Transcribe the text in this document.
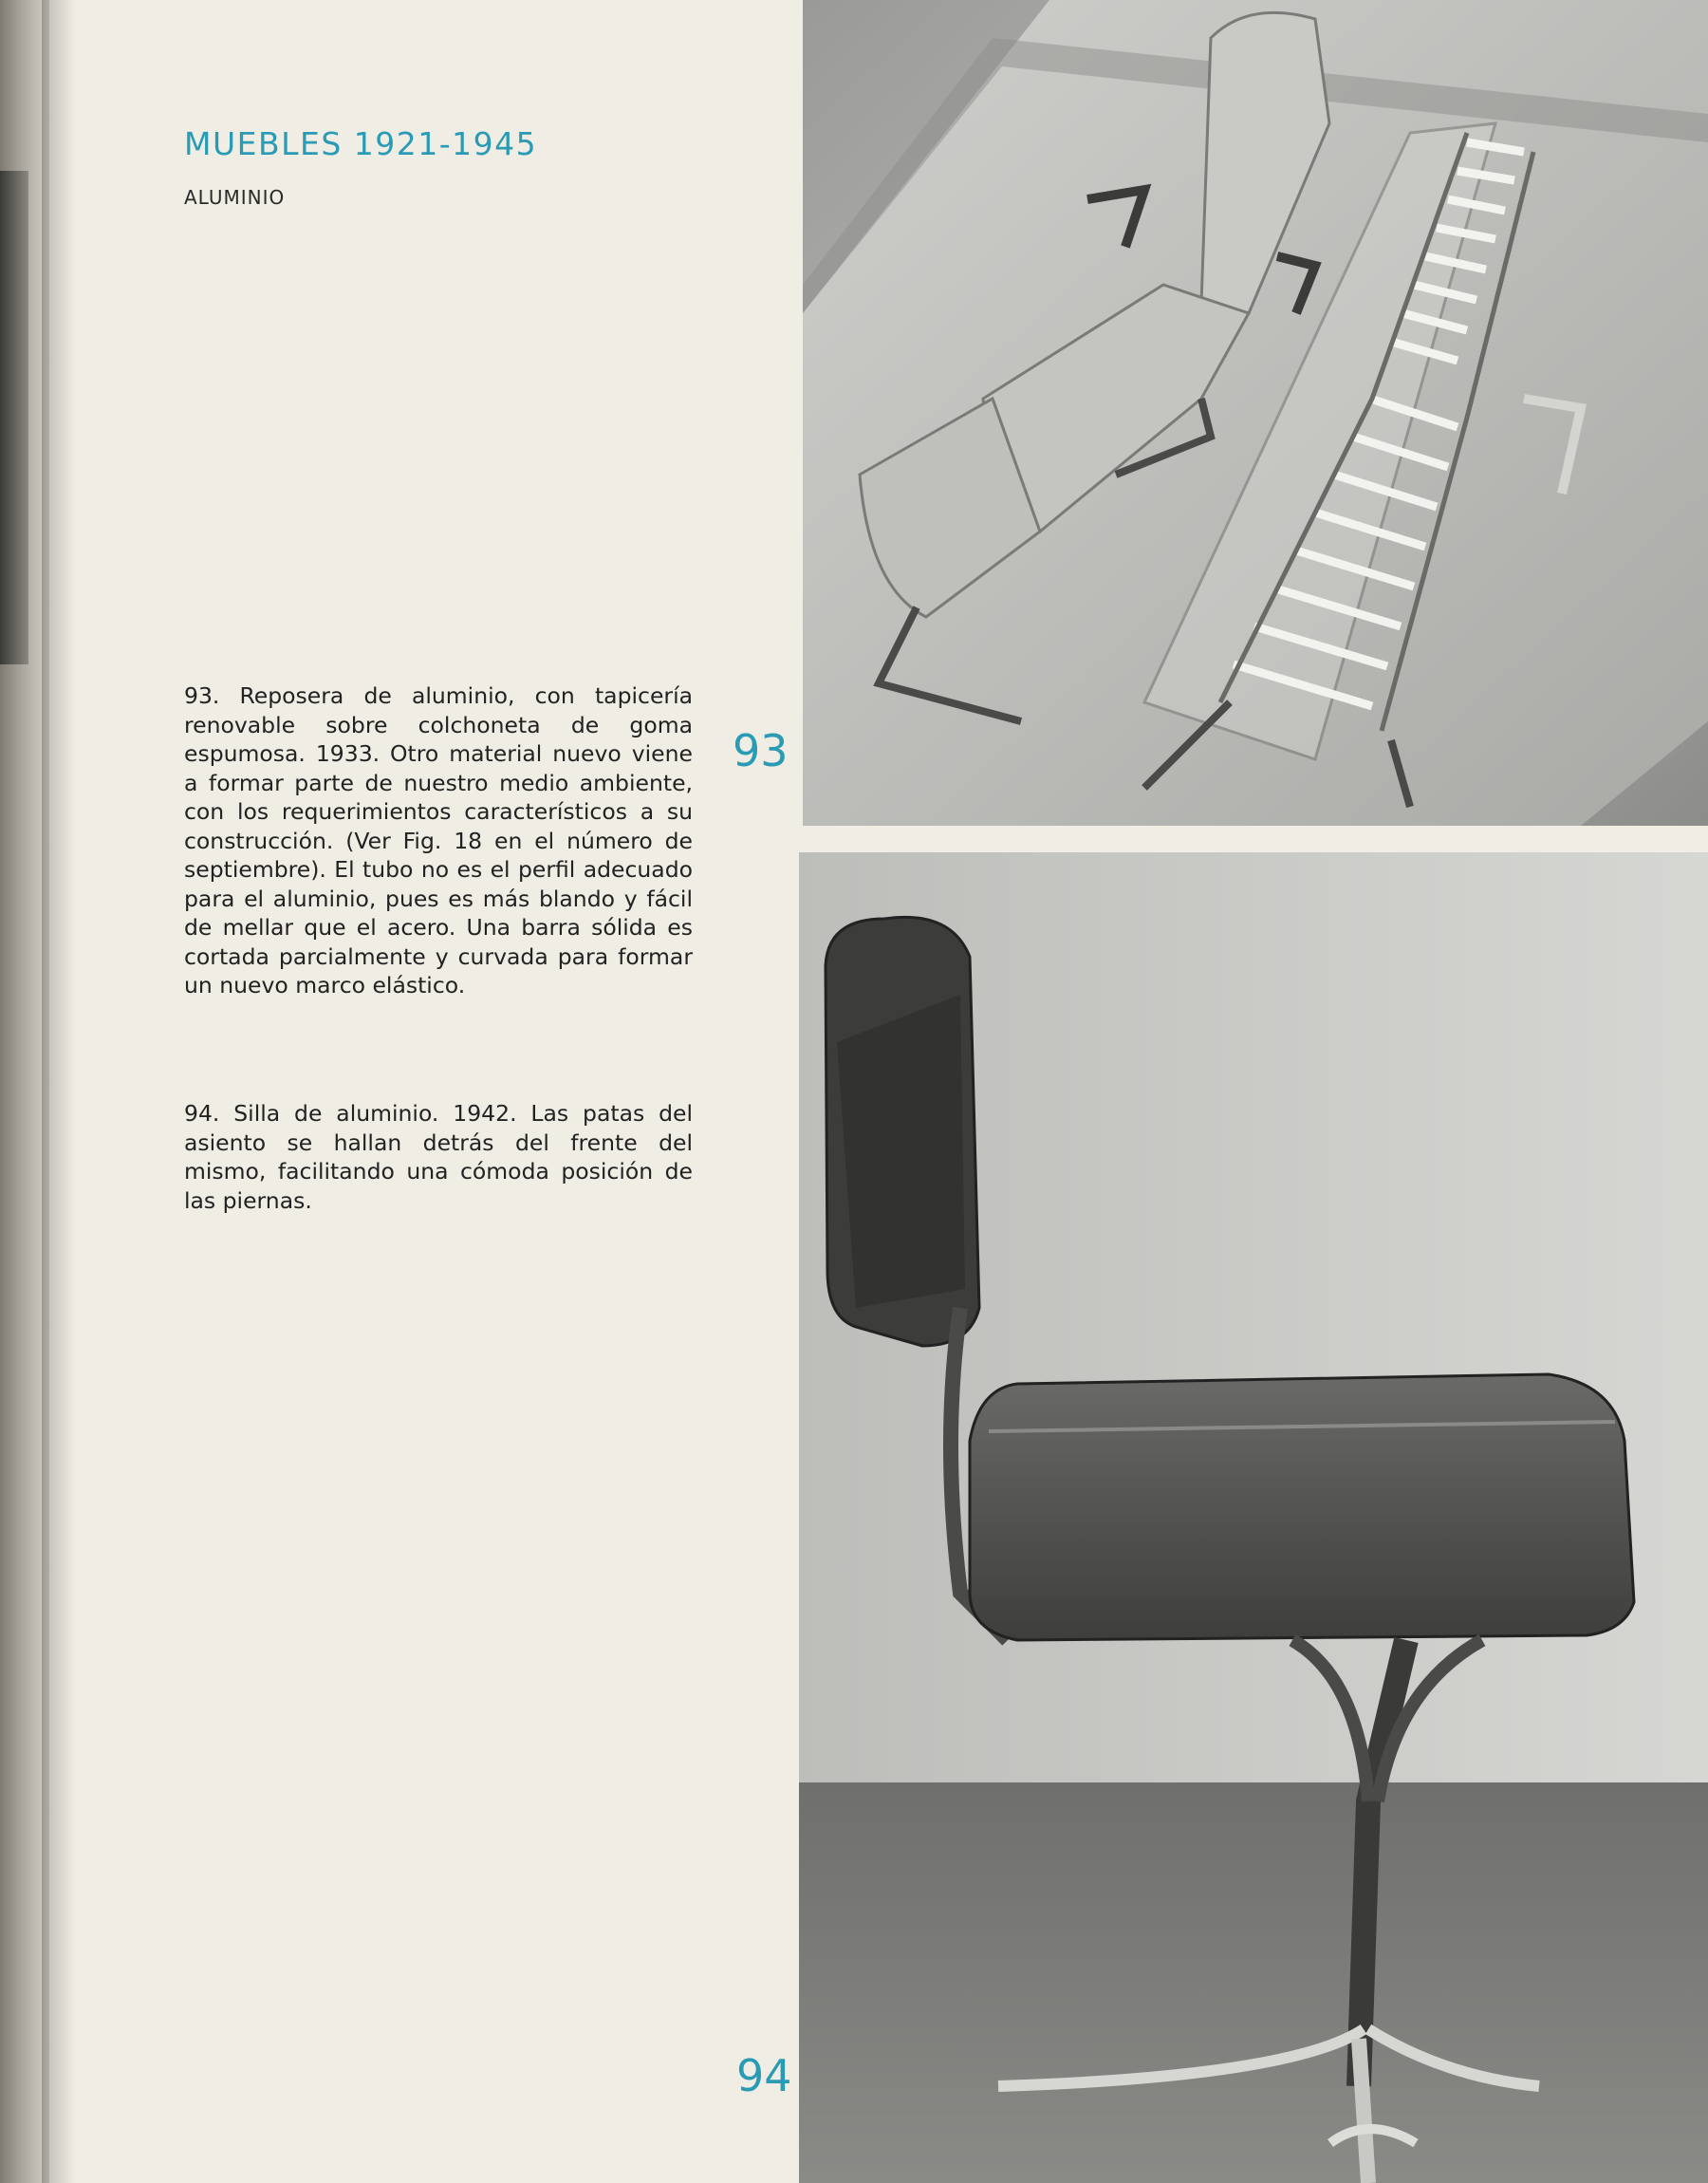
MUEBLES 1921-1945
ALUMINIO
93. Reposera de aluminio, con tapicería renovable sobre colchoneta de goma espumosa. 1933. Otro material nuevo viene a formar parte de nuestro medio ambiente, con los requerimientos característicos a su construcción. (Ver Fig. 18 en el número de septiembre). El tubo no es el perfil adecuado para el aluminio, pues es más blando y fácil de mellar que el acero. Una barra sólida es cortada parcialmente y curvada para formar un nuevo marco elástico.
94. Silla de aluminio. 1942. Las patas del asiento se hallan detrás del frente del mismo, facilitando una cómoda posición de las piernas.
93
94
